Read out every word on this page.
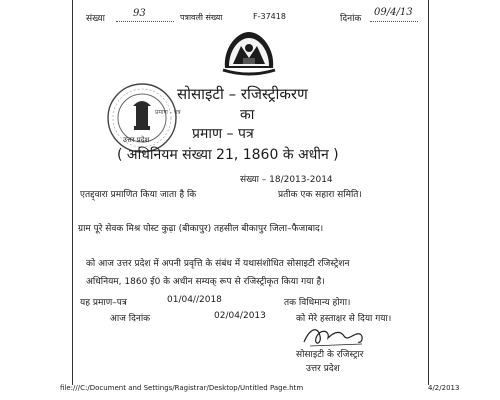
संख्या	93	पत्रावली संख्या	F-37418	दिनांक
09/4/13
उत्तर प्रदेश
प्रमाण - पत्र
सोसाइटी – रजिस्ट्रीकरण
का
प्रमाण – पत्र
( अधिनियम संख्या 21, 1860 के अधीन )
संख्या – 18/2013-2014
एतद्द्वारा प्रमाणित किया जाता है कि	प्रतीक एक सहारा समिति।
ग्राम पूरे सेवक मिश्र पोस्ट कुढ़ा (बीकापुर) तहसील बीकापुर जिला–फैजाबाद।
को आज उत्तर प्रदेश में अपनी प्रवृत्ति के संबंध में यथासंशोधित सोसाइटी रजिस्ट्रेशन
अधिनियम, 1860 ई0 के अधीन सम्यक् रूप से रजिस्ट्रीकृत किया गया है।
यह प्रमाण–पत्र	01/04//2018	तक विधिमान्य होगा।
आज दिनांक	02/04/2013	को मेरे हस्ताक्षर से दिया गया।
सोसाइटी के रजिस्ट्रार
उत्तर प्रदेश
file:///C:/Document and Settings/Ragistrar/Desktop/Untitled Page.htm	4/2/2013
